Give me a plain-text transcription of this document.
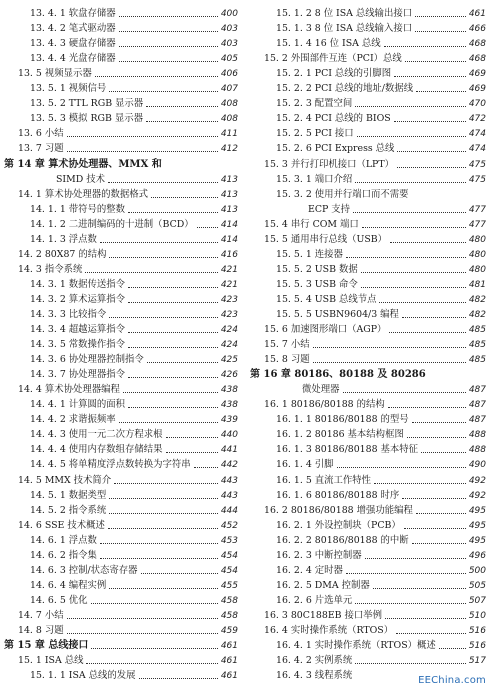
13. 4. 1 软盘存储器	400
13. 4. 2 笔式驱动器	403
13. 4. 3 硬盘存储器	403
13. 4. 4 光盘存储器	405
13. 5 视频显示器	406
13. 5. 1 视频信号	407
13. 5. 2 TTL RGB 显示器	408
13. 5. 3 模拟 RGB 显示器	408
13. 6 小结	411
13. 7 习题	412
第 14 章 算术协处理器、MMX 和
SIMD 技术	413
14. 1 算术协处理器的数据格式	413
14. 1. 1 带符号的整数	413
14. 1. 2 二进制编码的十进制（BCD）	414
14. 1. 3 浮点数	414
14. 2 80X87 的结构	416
14. 3 指令系统	421
14. 3. 1 数据传送指令	421
14. 3. 2 算术运算指令	423
14. 3. 3 比较指令	423
14. 3. 4 超越运算指令	424
14. 3. 5 常数操作指令	424
14. 3. 6 协处理器控制指令	425
14. 3. 7 协处理器指令	426
14. 4 算术协处理器编程	438
14. 4. 1 计算圆的面积	438
14. 4. 2 求谐振频率	439
14. 4. 3 使用一元二次方程求根	440
14. 4. 4 使用内存数组存储结果	441
14. 4. 5 将单精度浮点数转换为字符串	442
14. 5 MMX 技术简介	443
14. 5. 1 数据类型	443
14. 5. 2 指令系统	444
14. 6 SSE 技术概述	452
14. 6. 1 浮点数	453
14. 6. 2 指令集	454
14. 6. 3 控制/状态寄存器	454
14. 6. 4 编程实例	455
14. 6. 5 优化	458
14. 7 小结	458
14. 8 习题	459
第 15 章 总线接口	461
15. 1 ISA 总线	461
15. 1. 1 ISA 总线的发展	461
15. 1. 2 8 位 ISA 总线输出接口	461
15. 1. 3 8 位 ISA 总线输入接口	466
15. 1. 4 16 位 ISA 总线	468
15. 2 外围部件互连（PCI）总线	468
15. 2. 1 PCI 总线的引脚图	469
15. 2. 2 PCI 总线的地址/数据线	469
15. 2. 3 配置空间	470
15. 2. 4 PCI 总线的 BIOS	472
15. 2. 5 PCI 接口	474
15. 2. 6 PCI Express 总线	474
15. 3 并行打印机接口（LPT）	475
15. 3. 1 端口介绍	475
15. 3. 2 使用并行端口而不需要
ECP 支持	477
15. 4 串行 COM 端口	477
15. 5 通用串行总线（USB）	480
15. 5. 1 连接器	480
15. 5. 2 USB 数据	480
15. 5. 3 USB 命令	481
15. 5. 4 USB 总线节点	482
15. 5. 5 USBN9604/3 编程	482
15. 6 加速图形端口（AGP）	485
15. 7 小结	485
15. 8 习题	485
第 16 章 80186、80188 及 80286
微处理器	487
16. 1 80186/80188 的结构	487
16. 1. 1 80186/80188 的型号	487
16. 1. 2 80186 基本结构框图	488
16. 1. 3 80186/80188 基本特征	488
16. 1. 4 引脚	490
16. 1. 5 直流工作特性	492
16. 1. 6 80186/80188 时序	492
16. 2 80186/80188 增强功能编程	495
16. 2. 1 外设控制块（PCB）	495
16. 2. 2 80186/80188 的中断	495
16. 2. 3 中断控制器	496
16. 2. 4 定时器	500
16. 2. 5 DMA 控制器	505
16. 2. 6 片选单元	507
16. 3 80C188EB 接口举例	510
16. 4 实时操作系统（RTOS）	516
16. 4. 1 实时操作系统（RTOS）概述	516
16. 4. 2 实例系统	517
16. 4. 3 线程系统	EEChina.com
